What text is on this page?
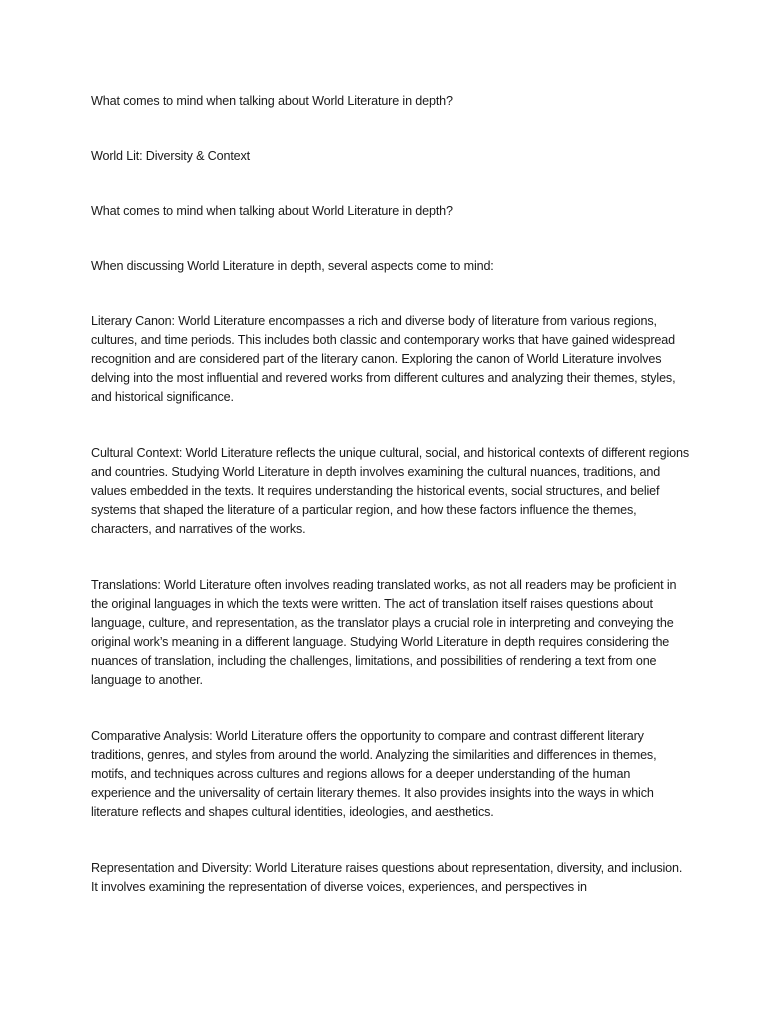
What comes to mind when talking about World Literature in depth?

World Lit: Diversity & Context

What comes to mind when talking about World Literature in depth?

When discussing World Literature in depth, several aspects come to mind:

Literary Canon: World Literature encompasses a rich and diverse body of literature from various regions, cultures, and time periods. This includes both classic and contemporary works that have gained widespread recognition and are considered part of the literary canon. Exploring the canon of World Literature involves delving into the most influential and revered works from different cultures and analyzing their themes, styles, and historical significance.

Cultural Context: World Literature reflects the unique cultural, social, and historical contexts of different regions and countries. Studying World Literature in depth involves examining the cultural nuances, traditions, and values embedded in the texts. It requires understanding the historical events, social structures, and belief systems that shaped the literature of a particular region, and how these factors influence the themes, characters, and narratives of the works.

Translations: World Literature often involves reading translated works, as not all readers may be proficient in the original languages in which the texts were written. The act of translation itself raises questions about language, culture, and representation, as the translator plays a crucial role in interpreting and conveying the original work’s meaning in a different language. Studying World Literature in depth requires considering the nuances of translation, including the challenges, limitations, and possibilities of rendering a text from one language to another.

Comparative Analysis: World Literature offers the opportunity to compare and contrast different literary traditions, genres, and styles from around the world. Analyzing the similarities and differences in themes, motifs, and techniques across cultures and regions allows for a deeper understanding of the human experience and the universality of certain literary themes. It also provides insights into the ways in which literature reflects and shapes cultural identities, ideologies, and aesthetics.

Representation and Diversity: World Literature raises questions about representation, diversity, and inclusion. It involves examining the representation of diverse voices, experiences, and perspectives in
